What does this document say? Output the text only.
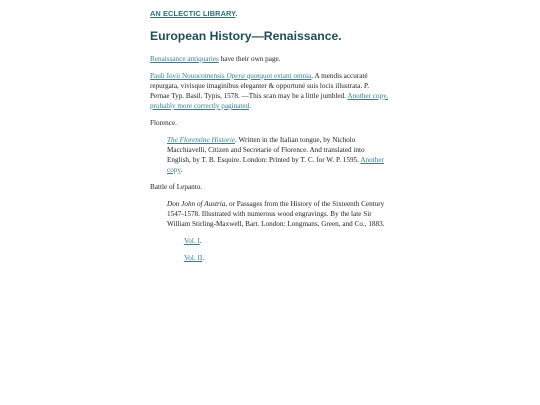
AN ECLECTIC LIBRARY.

European History—Renaissance.

Renaissance antiquaries have their own page.

Pauli Iovii Nouocomensis Opera quotquot extant omnia. A mendis accuraté repurgata, vivisque imaginibus eleganter & opportuné suis locis illustrata. P. Pernae Typ. Basil. Typis, 1578. —This scan may be a little jumbled. Another copy, probably more correctly paginated.

Florence.

The Florentine Historie. Written in the Italian tongue, by Nicholo Macchiavelli, Citizen and Secretarie of Florence. And translated into English, by T. B. Esquire. London: Printed by T. C. for W. P. 1595. Another copy.

Battle of Lepanto.

Don John of Austria, or Passages from the History of the Sixteenth Century 1547-1578. Illustrated with numerous wood engravings. By the late Sir William Stirling-Maxwell, Bart. London: Longmans, Green, and Co., 1883.

Vol. I.

Vol. II.
